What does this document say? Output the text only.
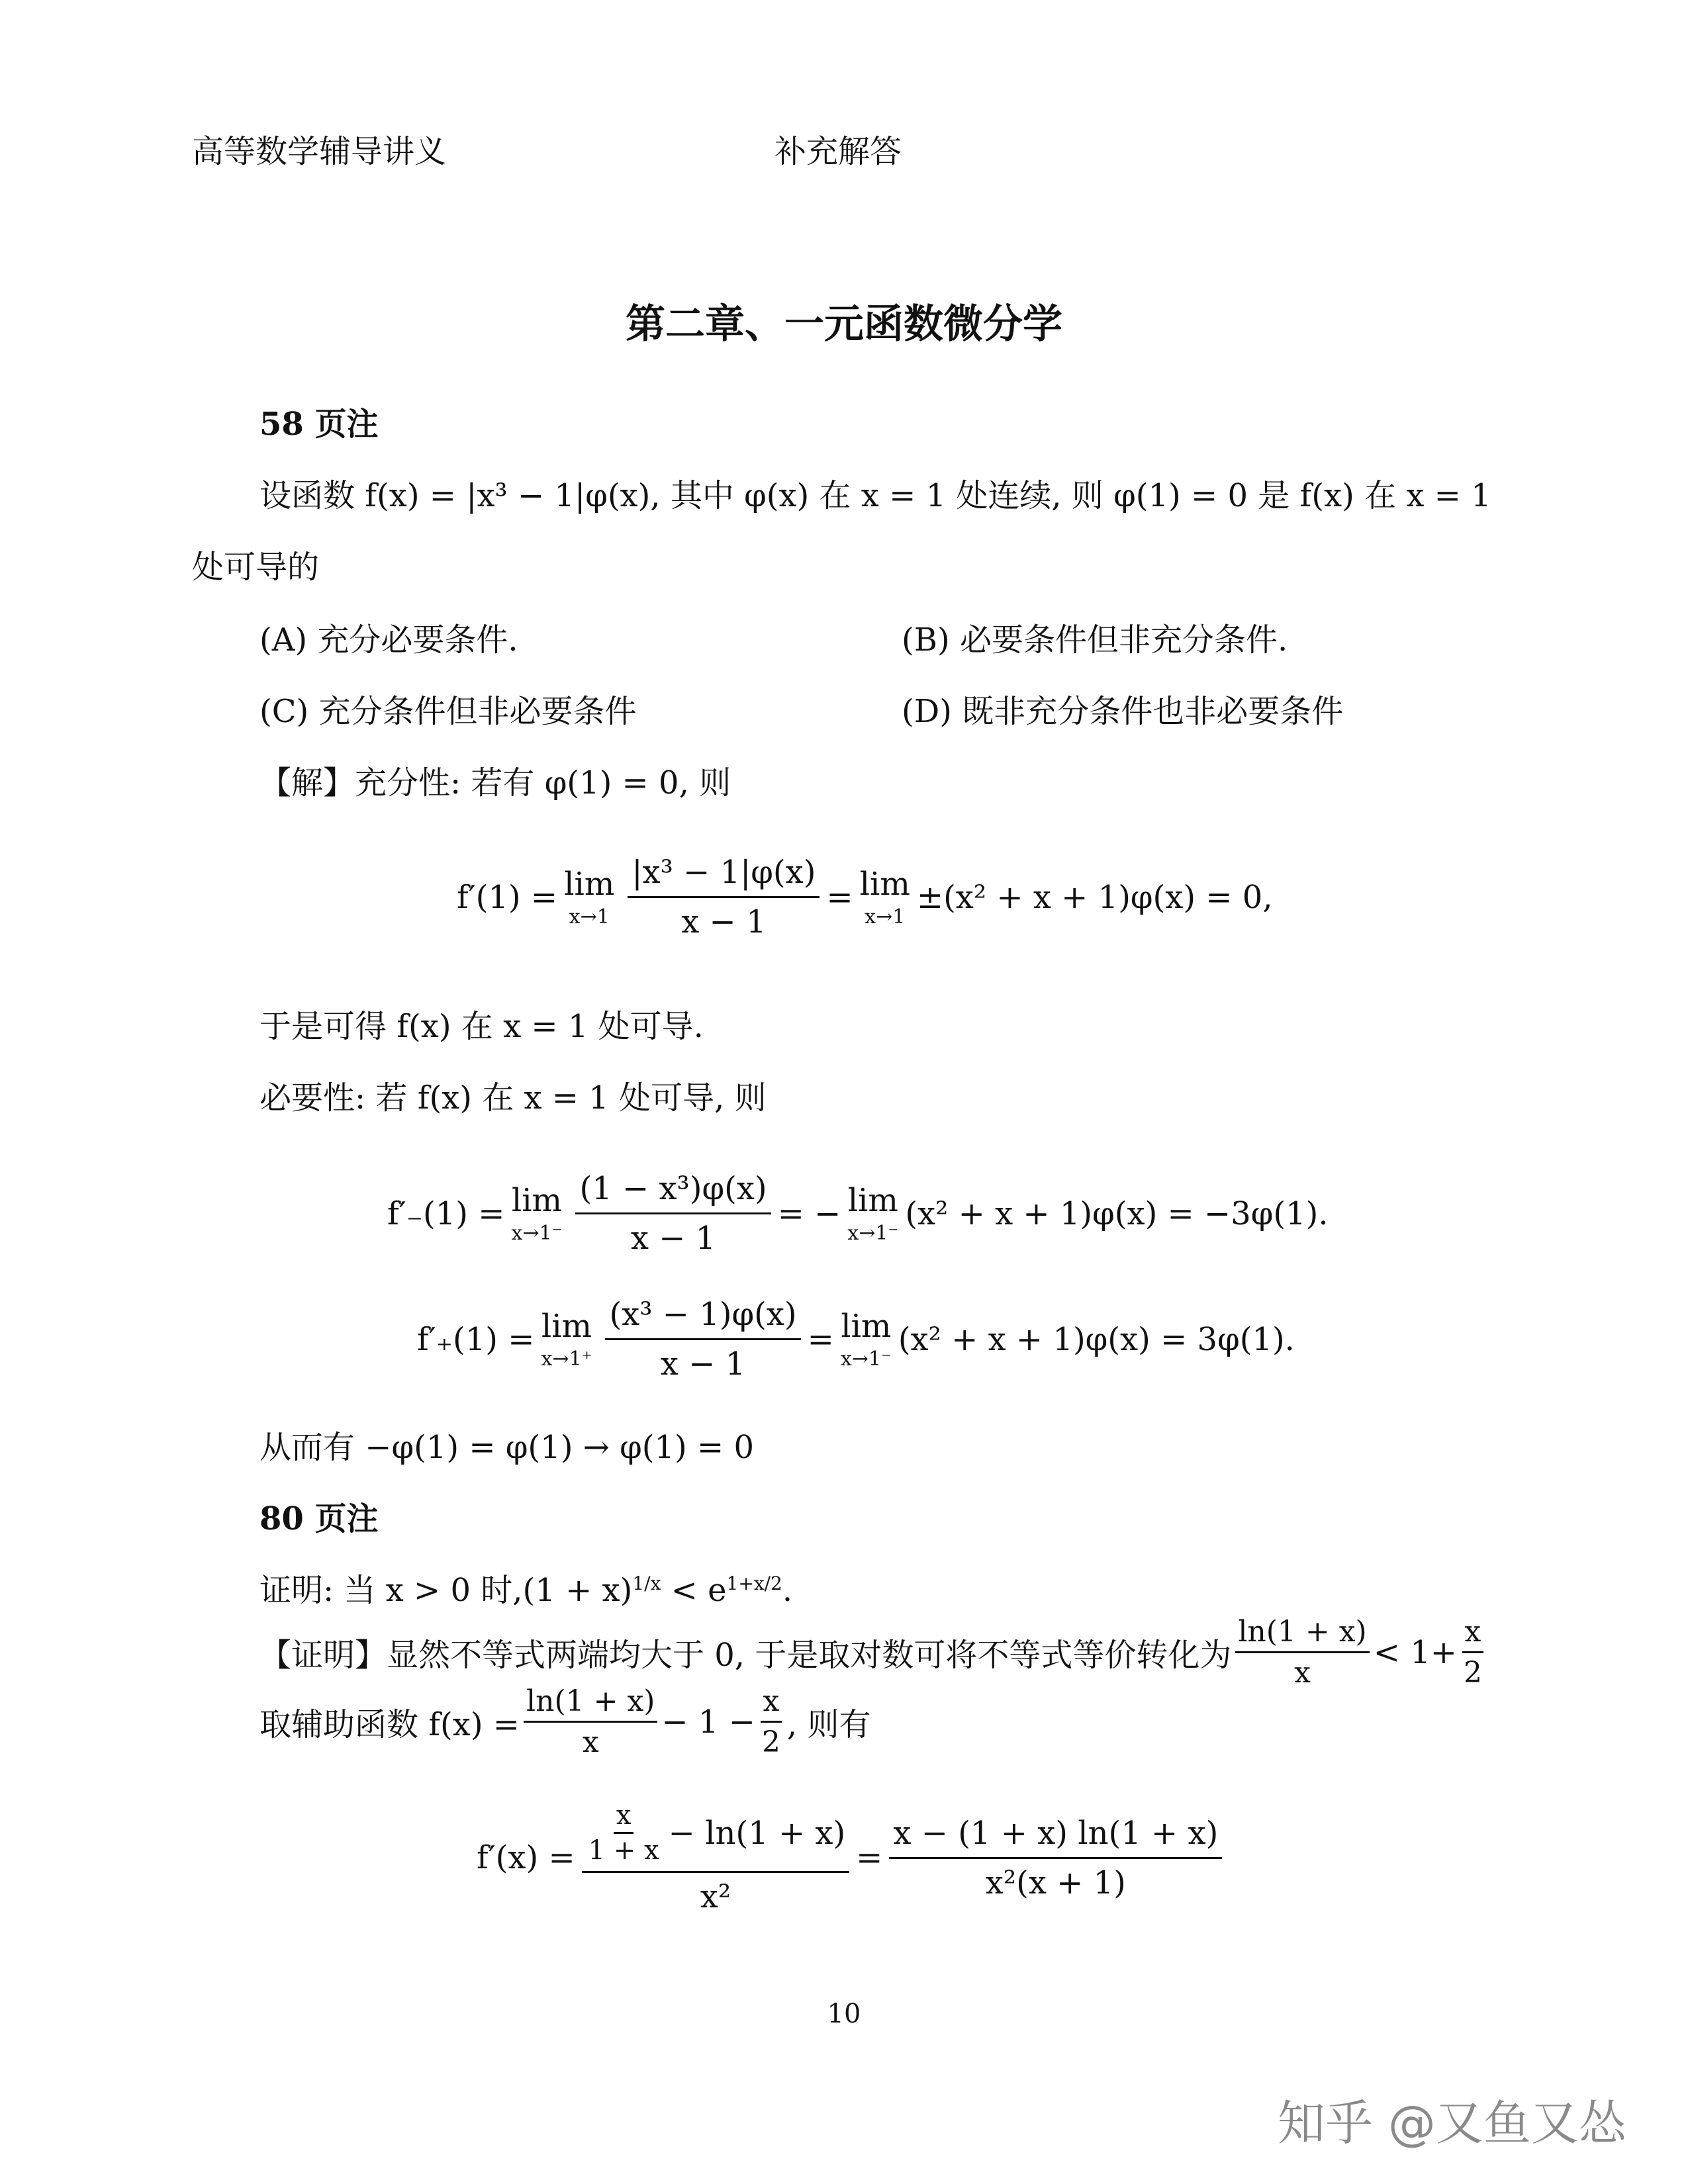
高等数学辅导讲义	补充解答
第二章、一元函数微分学
58 页注
设函数 f(x) = |x³ − 1|φ(x), 其中 φ(x) 在 x = 1 处连续, 则 φ(1) = 0 是 f(x) 在 x = 1
处可导的
(A) 充分必要条件.	(B) 必要条件但非充分条件.
(C) 充分条件但非必要条件	(D) 既非充分条件也非必要条件
【解】充分性: 若有 φ(1) = 0, 则
f′(1) = lim
$x\to 1 \frac{\text{|x³ − 1|φ(x)}}{x - 1} = \lim$
x→1
±(x² + x + 1)φ(x) = 0,
于是可得 f(x) 在 x = 1 处可导.
必要性: 若 f(x) 在 x = 1 处可导, 则
f′₋(1) = lim
$x\to 1^- \frac{\text{(1 − x³)φ(x)}}{x - 1}$ = − lim
x→1⁻
(x² + x + 1)φ(x) = −3φ(1).
f′₊(1) = lim
$x\to 1^+ \frac{\text{(x³ − 1)φ(x)}}{x - 1} = \lim$
x→1⁻
(x² + x + 1)φ(x) = 3φ(1).
从而有 −φ(1) = φ(1) → φ(1) = 0
80 页注
证明: 当 x > 0 时$,(1 + x)^{1/x} < e^{1+x/2}$.
【证明】显然不等式两端均大于 0, 于是取对数可将不等式等价转化为 $\frac{\ln(1 + x)}{x} < 1+ \frac{x}{2}$
取辅助函数 $f(x) = \frac{\ln(1 + x)}{x} - 1 - \frac{x}{2}$ , 则有
$f'(x) = \frac{\frac{x}{1 + x} - \ln(1 + x)}{\text{x²}} = \frac{x - (1 + x) \ln(1 + x)}{\text{x²(x + 1)}}$
10
知乎 @又鱼又怂
